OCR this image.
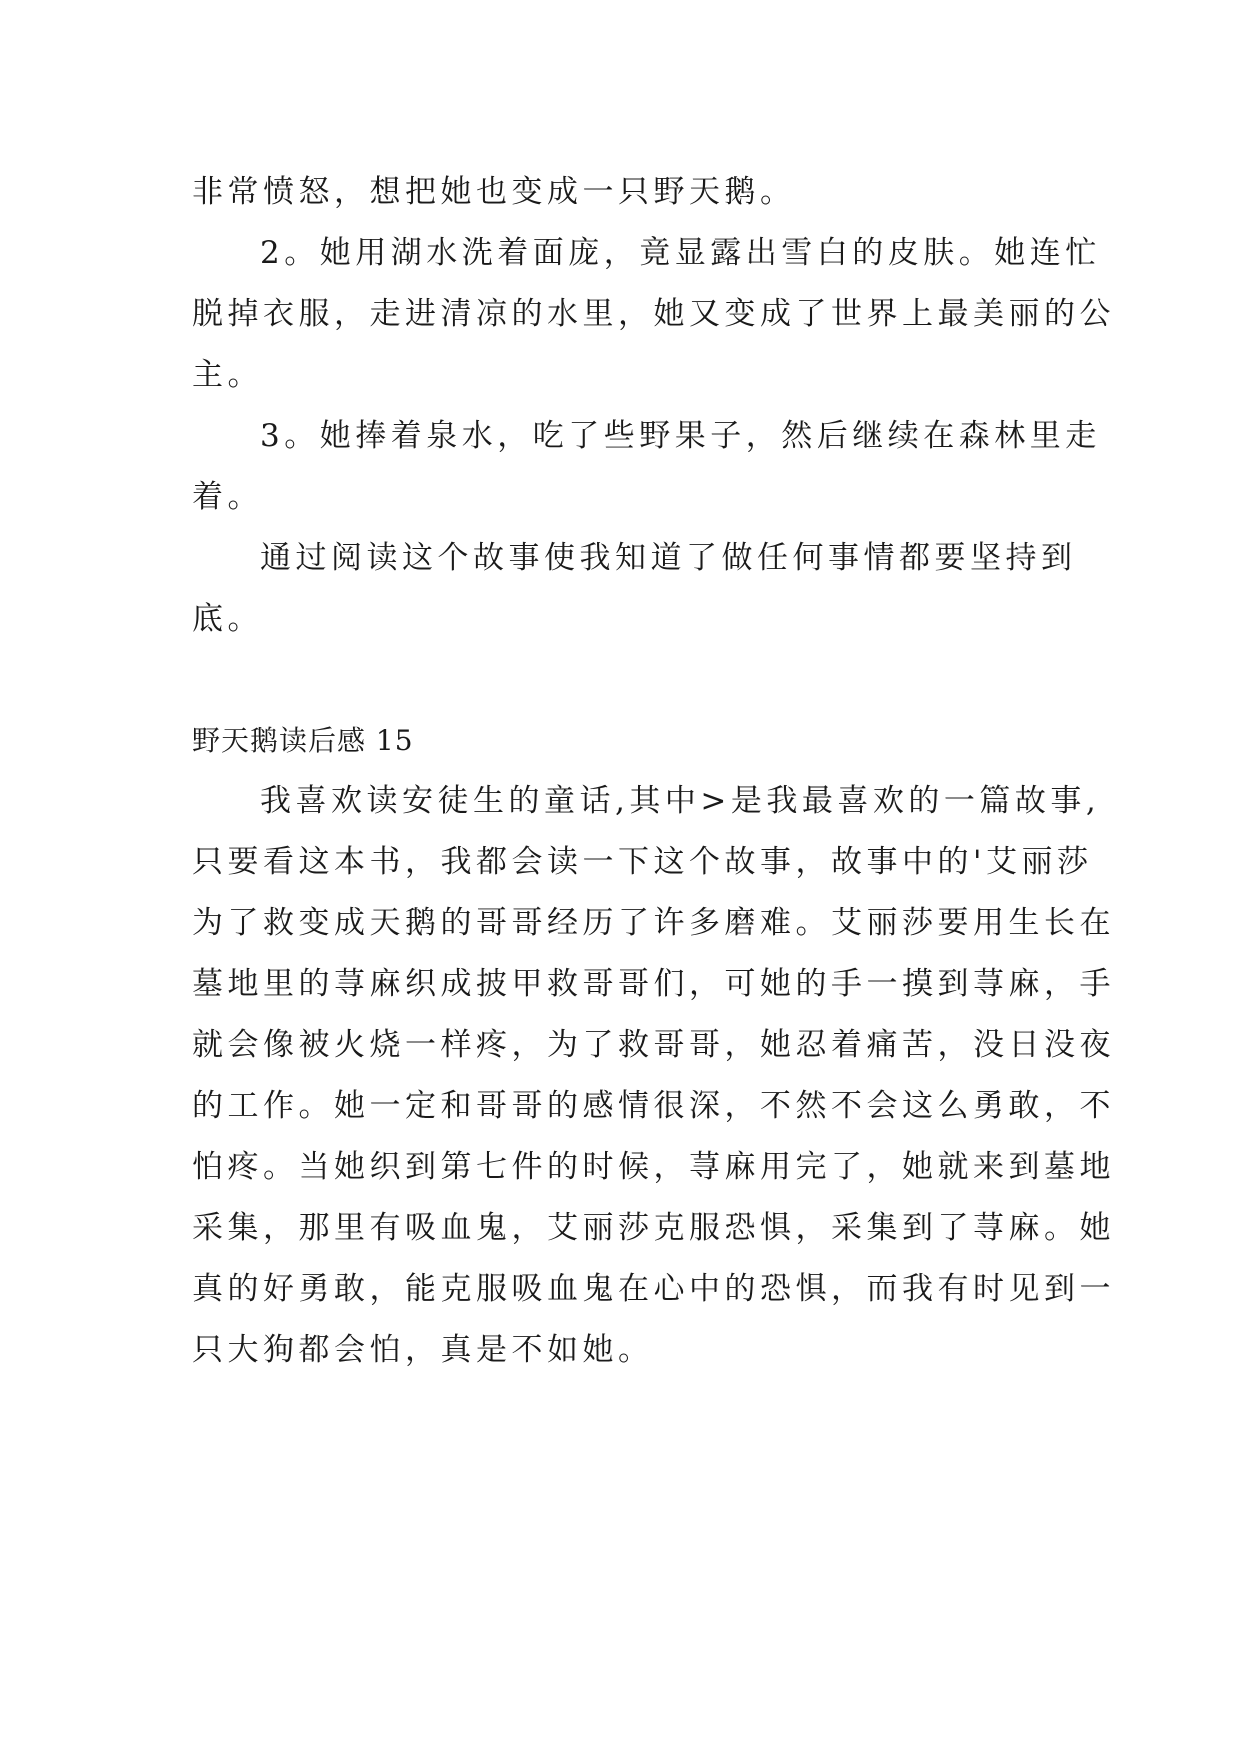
非常愤怒，想把她也变成一只野天鹅。

2。她用湖水洗着面庞，竟显露出雪白的皮肤。她连忙

脱掉衣服，走进清凉的水里，她又变成了世界上最美丽的公

主。

3。她捧着泉水，吃了些野果子，然后继续在森林里走

着。

通过阅读这个故事使我知道了做任何事情都要坚持到

底。

野天鹅读后感 15

我喜欢读安徒生的童话,其中>是我最喜欢的一篇故事,

只要看这本书，我都会读一下这个故事，故事中的'艾丽莎

为了救变成天鹅的哥哥经历了许多磨难。艾丽莎要用生长在

墓地里的荨麻织成披甲救哥哥们，可她的手一摸到荨麻，手

就会像被火烧一样疼，为了救哥哥，她忍着痛苦，没日没夜

的工作。她一定和哥哥的感情很深，不然不会这么勇敢，不

怕疼。当她织到第七件的时候，荨麻用完了，她就来到墓地

采集，那里有吸血鬼，艾丽莎克服恐惧，采集到了荨麻。她

真的好勇敢，能克服吸血鬼在心中的恐惧，而我有时见到一

只大狗都会怕，真是不如她。
